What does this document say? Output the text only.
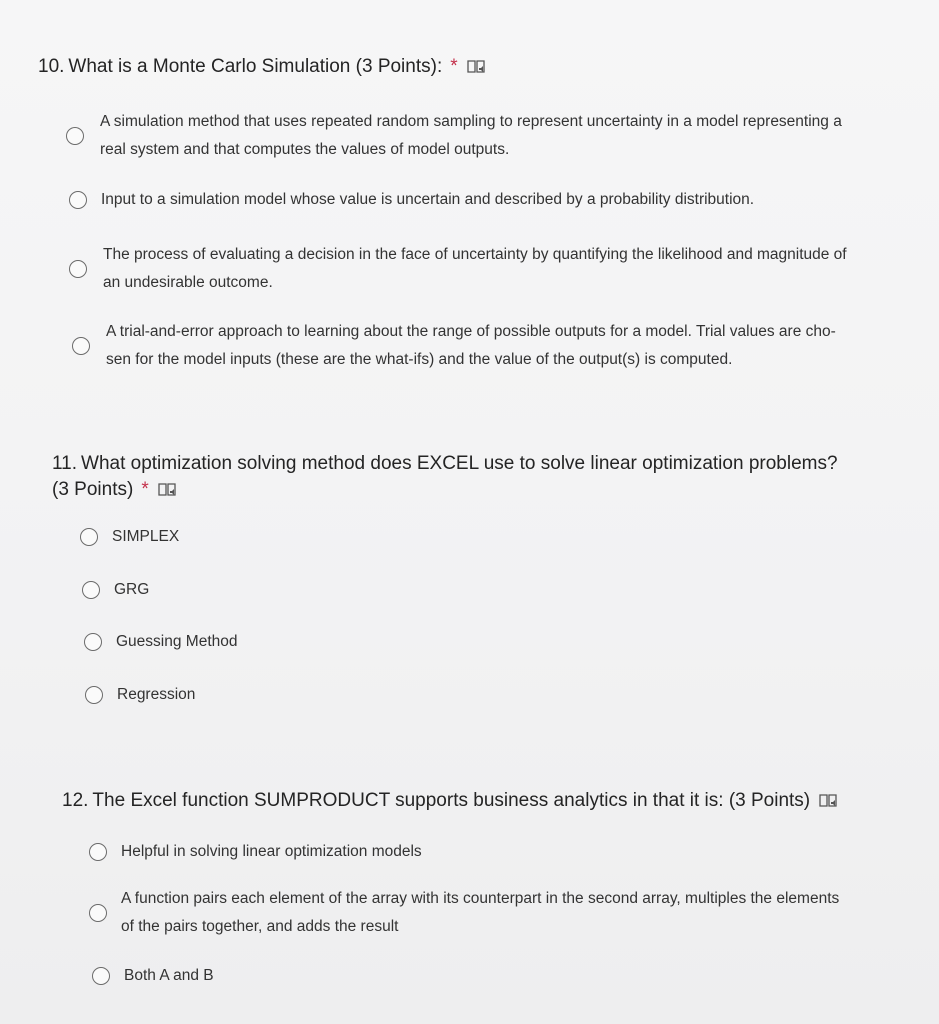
10. What is a Monte Carlo Simulation (3 Points): *
A simulation method that uses repeated random sampling to represent uncertainty in a model representing a real system and that computes the values of model outputs.
Input to a simulation model whose value is uncertain and described by a probability distribution.
The process of evaluating a decision in the face of uncertainty by quantifying the likelihood and magnitude of an undesirable outcome.
A trial-and-error approach to learning about the range of possible outputs for a model. Trial values are cho- sen for the model inputs (these are the what-ifs) and the value of the output(s) is computed.
11. What optimization solving method does EXCEL use to solve linear optimization problems? (3 Points) *
SIMPLEX
GRG
Guessing Method
Regression
12. The Excel function SUMPRODUCT supports business analytics in that it is: (3 Points)
Helpful in solving linear optimization models
A function pairs each element of the array with its counterpart in the second array, multiples the elements of the pairs together, and adds the result
Both A and B
